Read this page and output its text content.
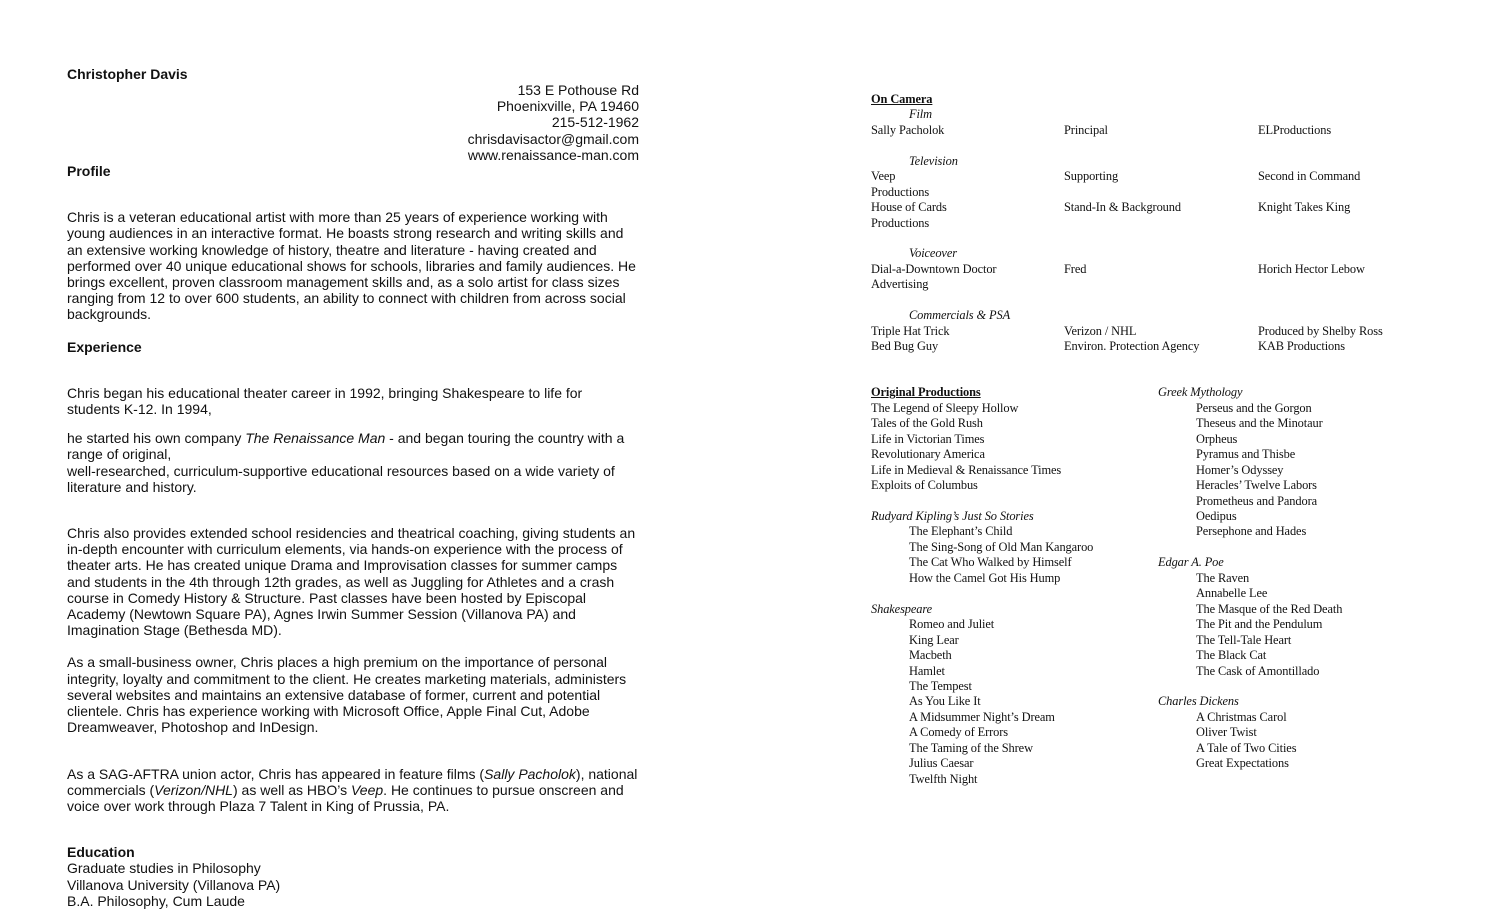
Christopher Davis
153 E Pothouse Rd
Phoenixville, PA 19460
215-512-1962
chrisdavisactor@gmail.com
www.renaissance-man.com
Profile

Chris is a veteran educational artist with more than 25 years of experience working with young audiences in an interactive format. He boasts strong research and writing skills and an extensive working knowledge of history, theatre and literature - having created and performed over 40 unique educational shows for schools, libraries and family audiences. He brings excellent, proven classroom management skills and, as a solo artist for class sizes ranging from 12 to over 600 students, an ability to connect with children from across social backgrounds.

Experience

Chris began his educational theater career in 1992, bringing Shakespeare to life for students K-12. In 1994,

he started his own company The Renaissance Man - and began touring the country with a range of original,

well-researched, curriculum-supportive educational resources based on a wide variety of literature and history.

Chris also provides extended school residencies and theatrical coaching, giving students an in-depth encounter with curriculum elements, via hands-on experience with the process of theater arts. He has created unique Drama and Improvisation classes for summer camps and students in the 4th through 12th grades, as well as Juggling for Athletes and a crash course in Comedy History & Structure. Past classes have been hosted by Episcopal Academy (Newtown Square PA), Agnes Irwin Summer Session (Villanova PA) and Imagination Stage (Bethesda MD).

As a small-business owner, Chris places a high premium on the importance of personal integrity, loyalty and commitment to the client. He creates marketing materials, administers several websites and maintains an extensive database of former, current and potential clientele. Chris has experience working with Microsoft Office, Apple Final Cut, Adobe Dreamweaver, Photoshop and InDesign.

As a SAG-AFTRA union actor, Chris has appeared in feature films (Sally Pacholok), national commercials (Verizon/NHL) as well as HBO’s Veep. He continues to pursue onscreen and voice over work through Plaza 7 Talent in King of Prussia, PA.

Education
Graduate studies in Philosophy
Villanova University (Villanova PA)
B.A. Philosophy, Cum Laude
On Camera
Film
Sally Pacholok	Principal	ELProductions
Television
Veep	Supporting	Second in Command
Productions
House of Cards	Stand-In & Background	Knight Takes King
Productions
Voiceover
Dial-a-Downtown Doctor	Fred	Horich Hector Lebow
Advertising
Commercials & PSA
Triple Hat Trick	Verizon / NHL	Produced by Shelby Ross
Bed Bug Guy	Environ. Protection Agency	KAB Productions
Original Productions
The Legend of Sleepy Hollow
Tales of the Gold Rush
Life in Victorian Times
Revolutionary America
Life in Medieval & Renaissance Times
Exploits of Columbus
Rudyard Kipling’s Just So Stories
The Elephant’s Child
The Sing-Song of Old Man Kangaroo
The Cat Who Walked by Himself
How the Camel Got His Hump
Shakespeare
Romeo and Juliet
King Lear
Macbeth
Hamlet
The Tempest
As You Like It
A Midsummer Night’s Dream
A Comedy of Errors
The Taming of the Shrew
Julius Caesar
Twelfth Night
Greek Mythology
Perseus and the Gorgon
Theseus and the Minotaur
Orpheus
Pyramus and Thisbe
Homer’s Odyssey
Heracles’ Twelve Labors
Prometheus and Pandora
Oedipus
Persephone and Hades
Edgar A. Poe
The Raven
Annabelle Lee
The Masque of the Red Death
The Pit and the Pendulum
The Tell-Tale Heart
The Black Cat
The Cask of Amontillado
Charles Dickens
A Christmas Carol
Oliver Twist
A Tale of Two Cities
Great Expectations
